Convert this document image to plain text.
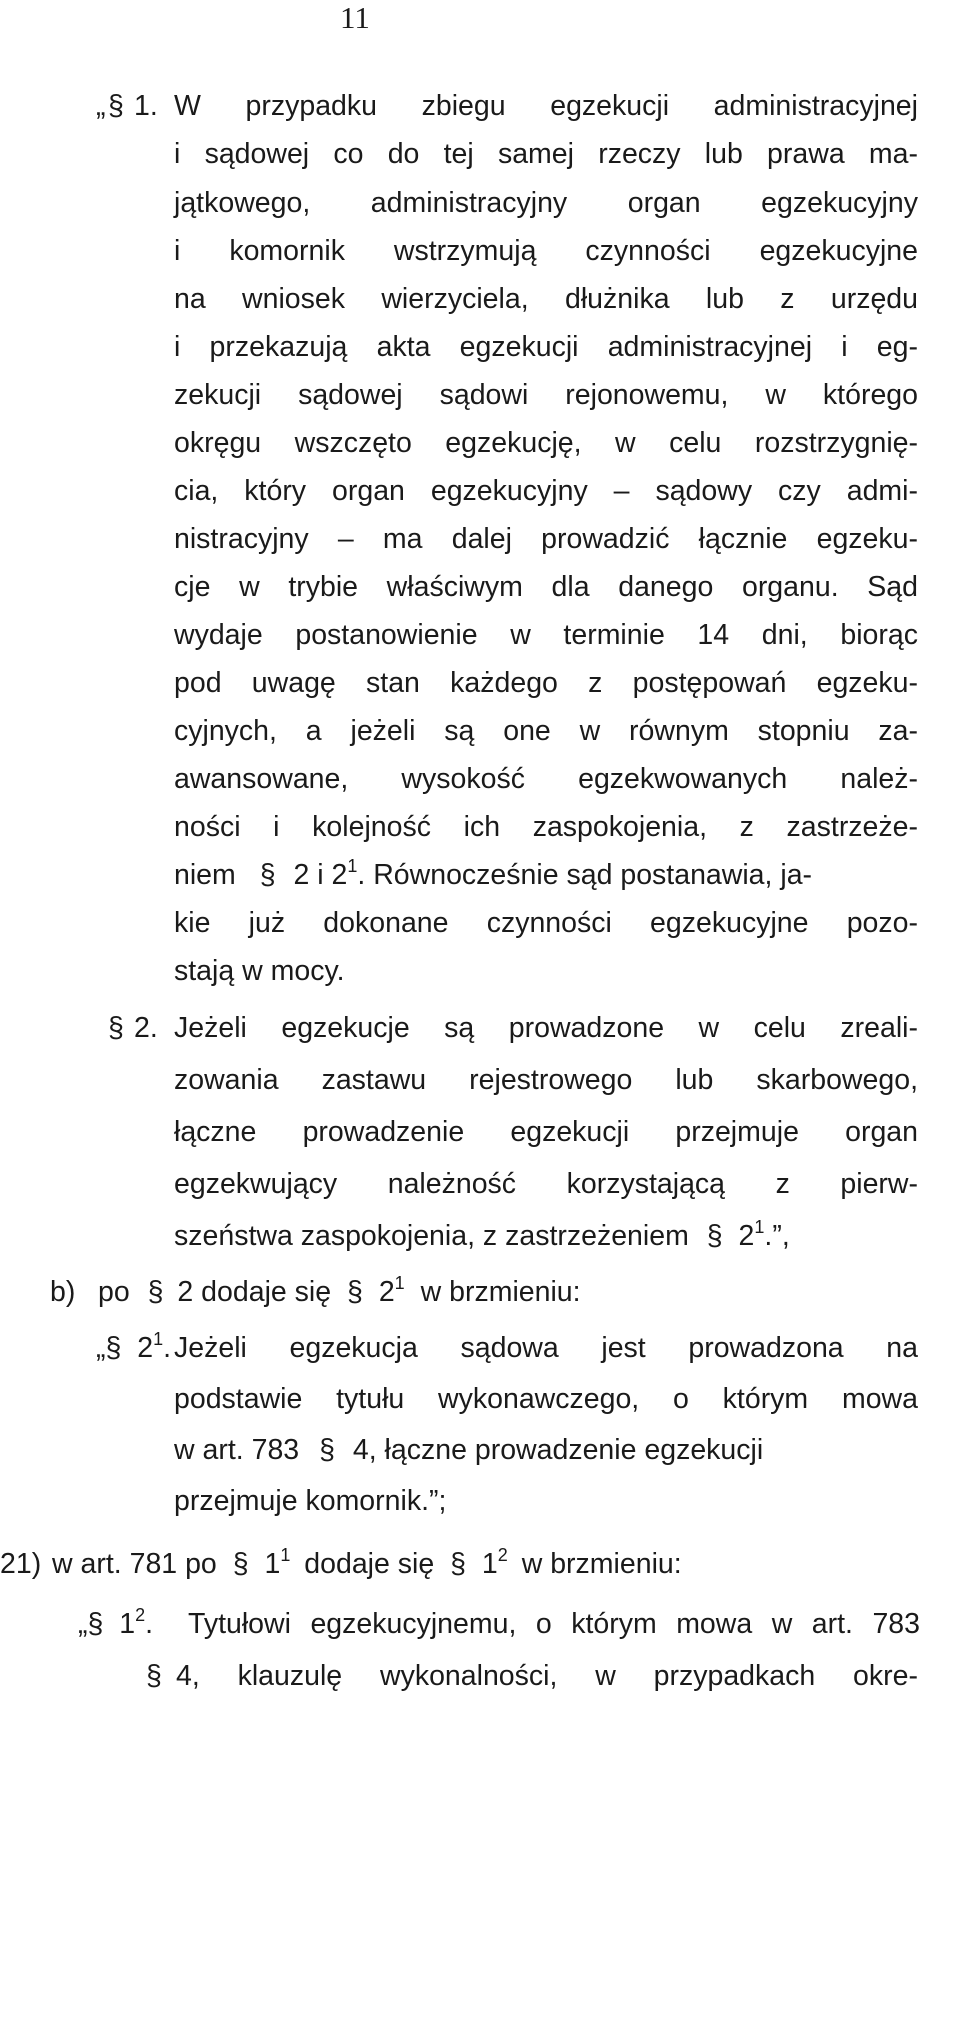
11
„ § 1. W przypadku zbiegu egzekucji administracyjnej
i sądowej co do tej samej rzeczy lub prawa ma-
jątkowego, administracyjny organ egzekucyjny
i komornik wstrzymują czynności egzekucyjne
na wniosek wierzyciela, dłużnika lub z urzędu
i przekazują akta egzekucji administracyjnej i eg-
zekucji sądowej sądowi rejonowemu, w którego
okręgu wszczęto egzekucję, w celu rozstrzygnię-
cia, który organ egzekucyjny – sądowy czy admi-
nistracyjny – ma dalej prowadzić łącznie egzeku-
cje w trybie właściwym dla danego organu. Sąd
wydaje postanowienie w terminie 14 dni, biorąc
pod uwagę stan każdego z postępowań egzeku-
cyjnych, a jeżeli są one w równym stopniu za-
awansowane, wysokość egzekwowanych należ-
ności i kolejność ich zaspokojenia, z zastrzeże-
niem § 2 i $2^1$. Równocześnie sąd postanawia, ja-
kie już dokonane czynności egzekucyjne pozo-
stają w mocy.
§ 2. Jeżeli egzekucje są prowadzone w celu zreali-
zowania zastawu rejestrowego lub skarbowego,
łączne prowadzenie egzekucji przejmuje organ
egzekwujący należność korzystającą z pierw-
szeństwa zaspokojenia, z zastrzeżeniem § $2^1$.”,
b) po § 2 dodaje się § $2^1$ w brzmieniu:
„§ $2^1$. Jeżeli egzekucja sądowa jest prowadzona na
podstawie tytułu wykonawczego, o którym mowa
w art. 783 § 4, łączne prowadzenie egzekucji
przejmuje komornik.”;
21) w art. 781 po § $1^1$ dodaje się § $1^2$ w brzmieniu:
„§ $1^2$. Tytułowi egzekucyjnemu, o którym mowa w art. 783
§ 4, klauzulę wykonalności, w przypadkach okre-
